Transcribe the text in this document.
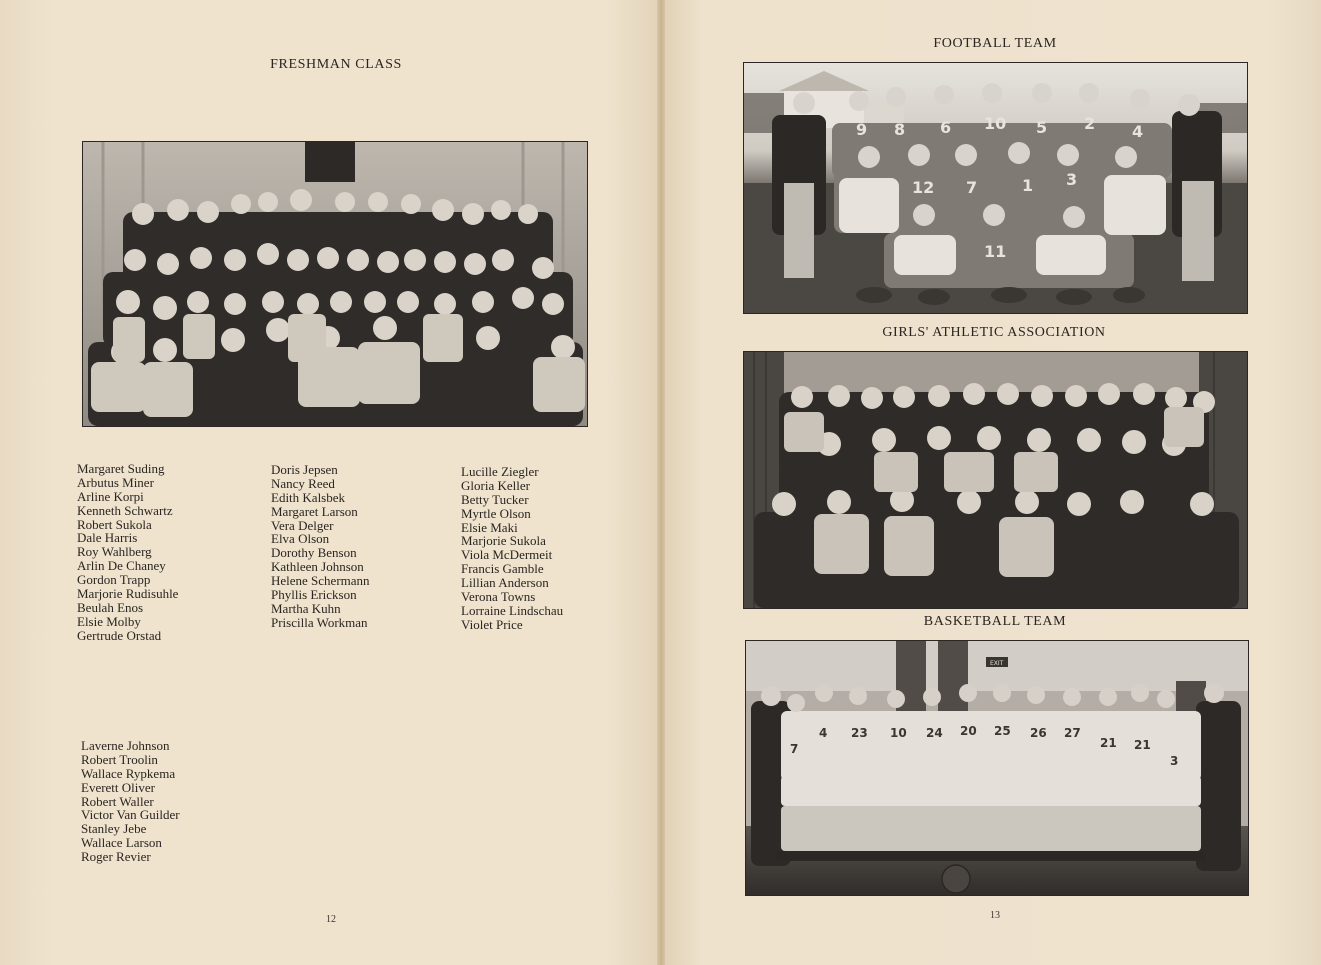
FRESHMAN CLASS
Margaret Suding
Arbutus Miner
Arline Korpi
Kenneth Schwartz
Robert Sukola
Dale Harris
Roy Wahlberg
Arlin De Chaney
Gordon Trapp
Marjorie Rudisuhle
Beulah Enos
Elsie Molby
Gertrude Orstad
Doris Jepsen
Nancy Reed
Edith Kalsbek
Margaret Larson
Vera Delger
Elva Olson
Dorothy Benson
Kathleen Johnson
Helene Schermann
Phyllis Erickson
Martha Kuhn
Priscilla Workman
Lucille Ziegler
Gloria Keller
Betty Tucker
Myrtle Olson
Elsie Maki
Marjorie Sukola
Viola McDermeit
Francis Gamble
Lillian Anderson
Verona Towns
Lorraine Lindschau
Violet Price
Laverne Johnson
Robert Troolin
Wallace Rypkema
Everett Oliver
Robert Waller
Victor Van Guilder
Stanley Jebe
Wallace Larson
Roger Revier
12
FOOTBALL TEAM
9 8 6 10 5 2 4
12 7	1 3
11
GIRLS' ATHLETIC ASSOCIATION
BASKETBALL TEAM
EXIT
7
4 23 10 24 20 25 26 27
21 21
3
13
